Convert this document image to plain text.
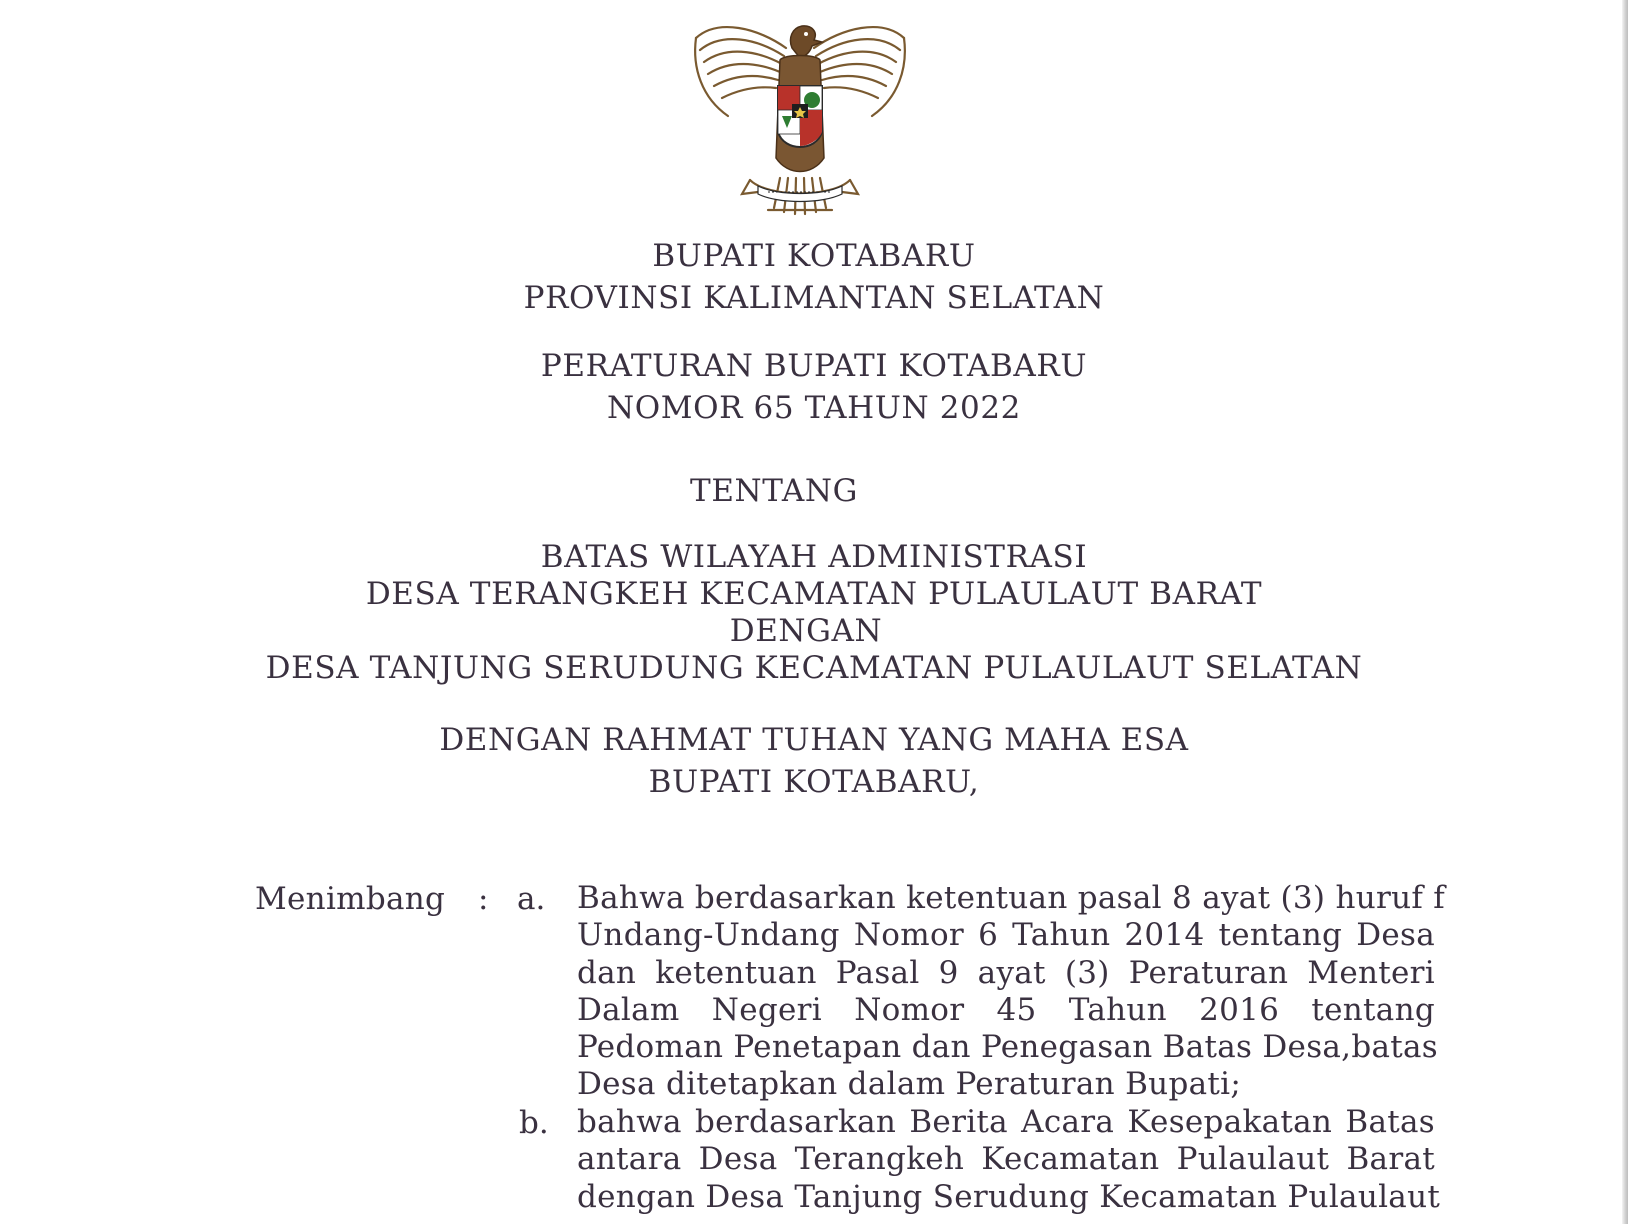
BUPATI KOTABARU

PROVINSI KALIMANTAN SELATAN

PERATURAN BUPATI KOTABARU

NOMOR 65 TAHUN 2022

TENTANG

BATAS WILAYAH ADMINISTRASI

DESA TERANGKEH KECAMATAN PULAULAUT BARAT

DENGAN

DESA TANJUNG SERUDUNG KECAMATAN PULAULAUT SELATAN

DENGAN RAHMAT TUHAN YANG MAHA ESA

BUPATI KOTABARU,

Menimbang : a. Bahwa berdasarkan ketentuan pasal 8 ayat (3) huruf f
Undang-Undang Nomor 6 Tahun 2014 tentang Desa
dan ketentuan Pasal 9 ayat (3) Peraturan Menteri
Dalam Negeri Nomor 45 Tahun 2016 tentang
Pedoman Penetapan dan Penegasan Batas Desa,batas
Desa ditetapkan dalam Peraturan Bupati;
b. bahwa berdasarkan Berita Acara Kesepakatan Batas
antara Desa Terangkeh Kecamatan Pulaulaut Barat
dengan Desa Tanjung Serudung Kecamatan Pulaulaut
